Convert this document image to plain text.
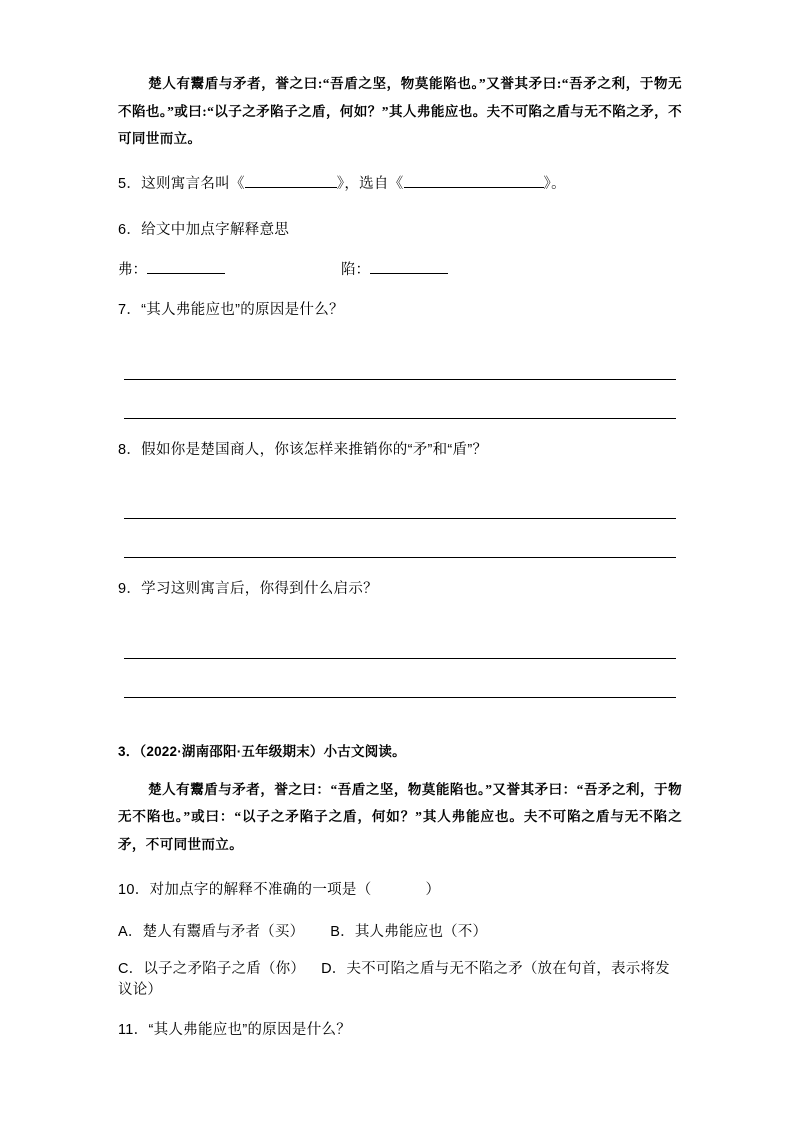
楚人有鬻盾与矛者，誉之曰:“吾盾之坚，物莫能陷也。”又誉其矛曰:“吾矛之利，于物无不陷也。”或曰:“以子之矛陷子之盾，何如？”其人弗能应也。夫不可陷之盾与无不陷之矛，不可同世而立。
5．这则寓言名叫《	》，选自《	》。
6．给文中加点字解释意思
弗：	陷：
7．“其人弗能应也”的原因是什么？
8．假如你是楚国商人，你该怎样来推销你的“矛”和“盾”？
9．学习这则寓言后，你得到什么启示？
3．（2022·湖南邵阳·五年级期末）小古文阅读。
楚人有鬻盾与矛者，誉之曰：“吾盾之坚，物莫能陷也。”又誉其矛曰：“吾矛之利，于物无不陷也。”或曰：“以子之矛陷子之盾，何如？”其人弗能应也。夫不可陷之盾与无不陷之矛，不可同世而立。
10．对加点字的解释不准确的一项是（	）
A．楚人有鬻盾与矛者（买） B．其人弗能应也（不）
C．以子之矛陷子之盾（你） D．夫不可陷之盾与无不陷之矛（放在句首，表示将发议论）
11．“其人弗能应也”的原因是什么？
